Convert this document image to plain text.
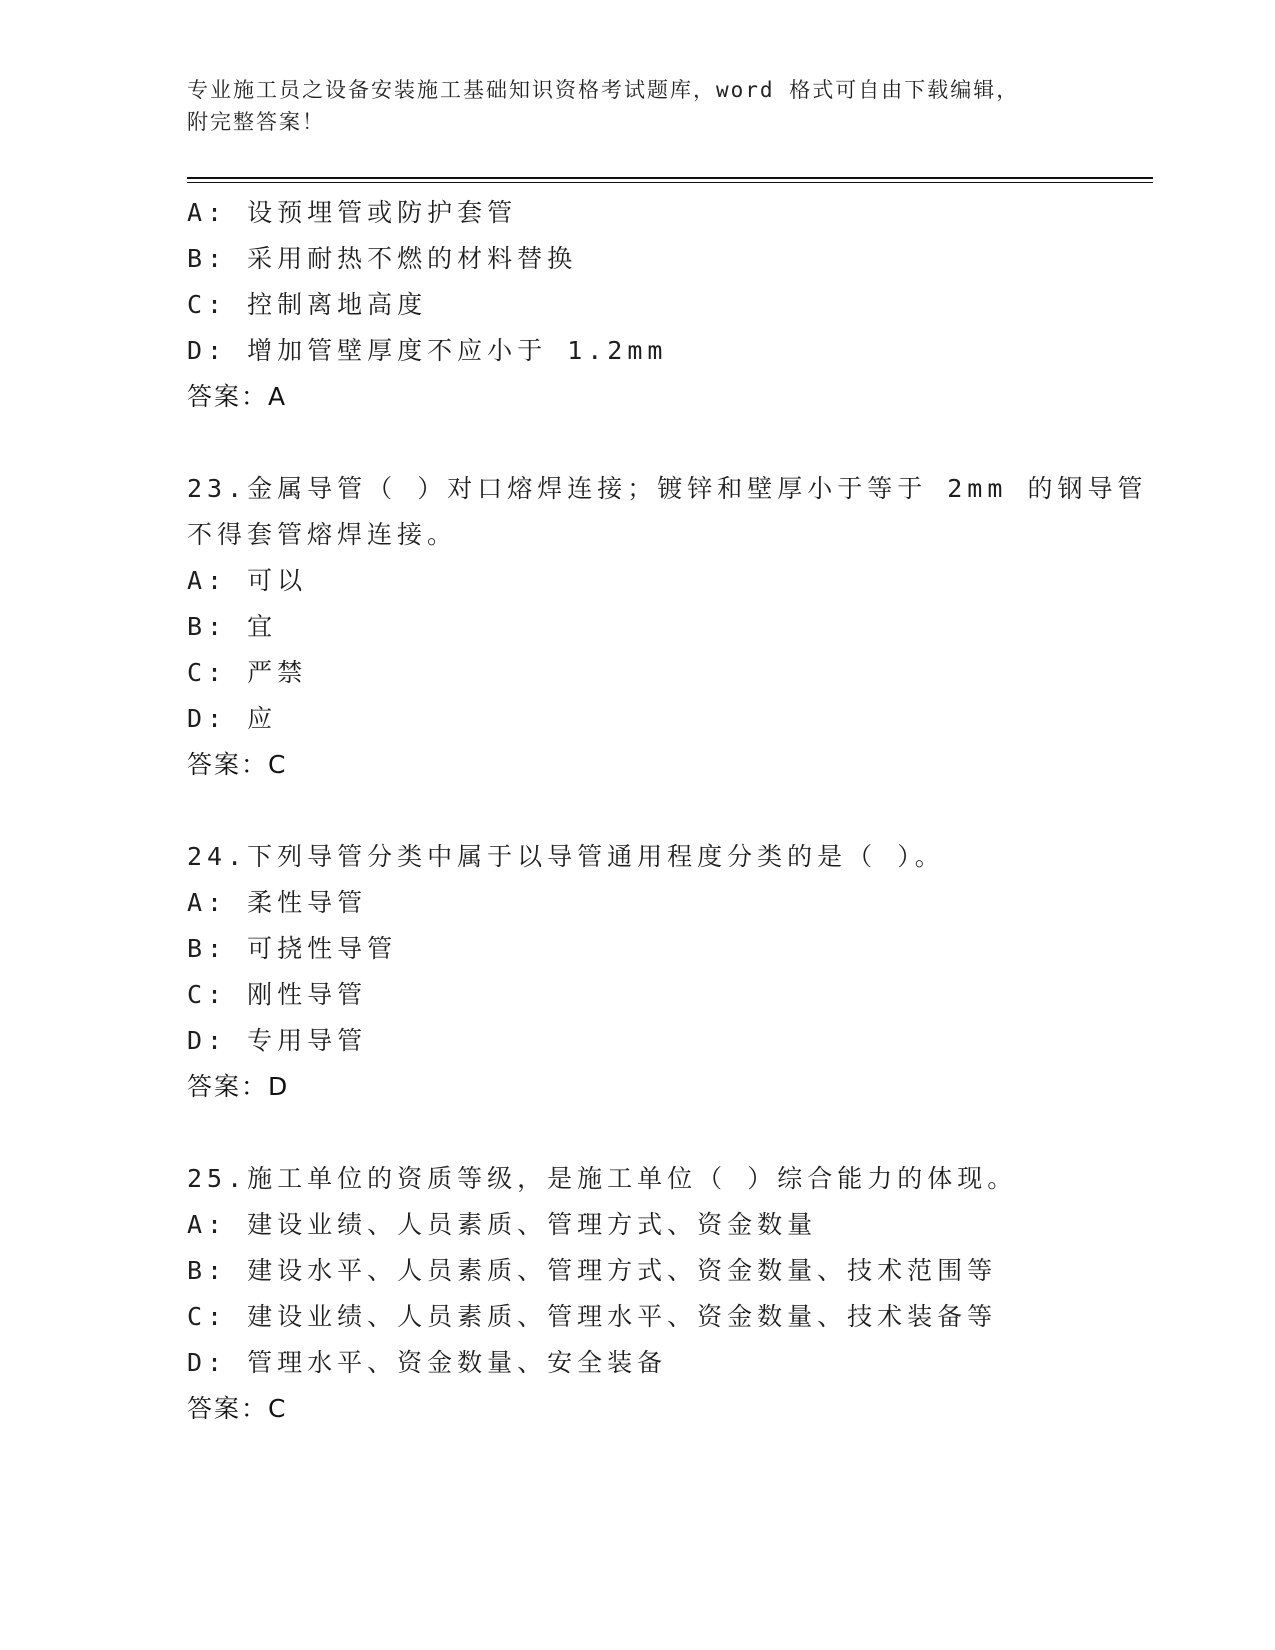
专业施工员之设备安装施工基础知识资格考试题库，word 格式可自由下载编辑，
附完整答案！
A: 设预埋管或防护套管
B: 采用耐热不燃的材料替换
C: 控制离地高度
D: 增加管壁厚度不应小于 1.2mm
答案：A
23.金属导管（ ）对口熔焊连接；镀锌和壁厚小于等于 2mm 的钢导管
不得套管熔焊连接。
A: 可以
B: 宜
C: 严禁
D: 应
答案：C
24.下列导管分类中属于以导管通用程度分类的是（ ）。
A: 柔性导管
B: 可挠性导管
C: 刚性导管
D: 专用导管
答案：D
25.施工单位的资质等级，是施工单位（ ）综合能力的体现。
A: 建设业绩、人员素质、管理方式、资金数量
B: 建设水平、人员素质、管理方式、资金数量、技术范围等
C: 建设业绩、人员素质、管理水平、资金数量、技术装备等
D: 管理水平、资金数量、安全装备
答案：C
